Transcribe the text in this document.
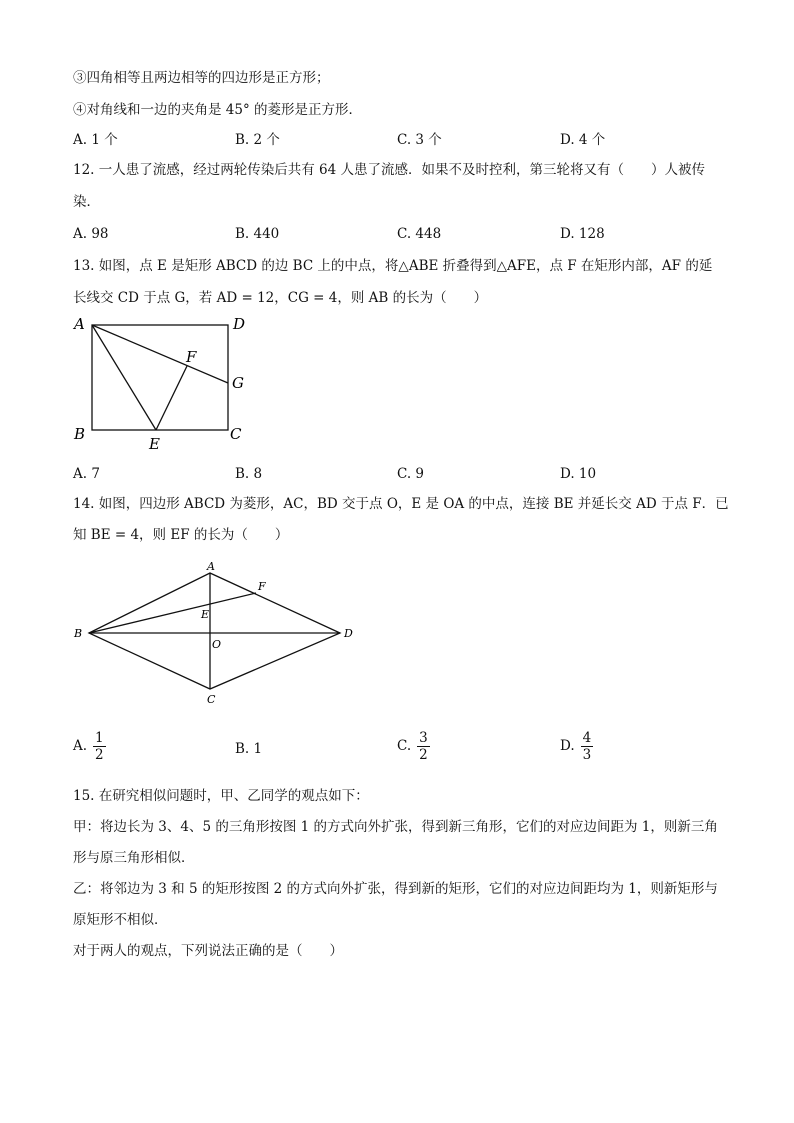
③四角相等且两边相等的四边形是正方形；
④对角线和一边的夹角是 45° 的菱形是正方形．
A. 1 个	B. 2 个	C. 3 个	D. 4 个
12. 一人患了流感，经过两轮传染后共有 64 人患了流感．如果不及时控利，第三轮将又有（　　）人被传
染．
A. 98	B. 440	C. 448	D. 128
13. 如图，点 E 是矩形 ABCD 的边 BC 上的中点，将△ABE 折叠得到△AFE，点 F 在矩形内部，AF 的延
长线交 CD 于点 G，若 AD = 12，CG = 4，则 AB 的长为（　　）
A	D
F
G
B
E
C
A. 7	B. 8	C. 9	D. 10
14. 如图，四边形 ABCD 为菱形，AC，BD 交于点 O，E 是 OA 的中点，连接 BE 并延长交 AD 于点 F．已
知 BE = 4，则 EF 的长为（　　）
A
F
E
B
O
D
C
A. $\frac{1}{2}$	B. 1	C. $\frac{3}{2}$	D. $\frac{4}{3}$
15. 在研究相似问题时，甲、乙同学的观点如下：
甲：将边长为 3、4、5 的三角形按图 1 的方式向外扩张，得到新三角形，它们的对应边间距为 1，则新三角
形与原三角形相似．
乙：将邻边为 3 和 5 的矩形按图 2 的方式向外扩张，得到新的矩形，它们的对应边间距均为 1，则新矩形与
原矩形不相似．
对于两人的观点，下列说法正确的是（　　）
